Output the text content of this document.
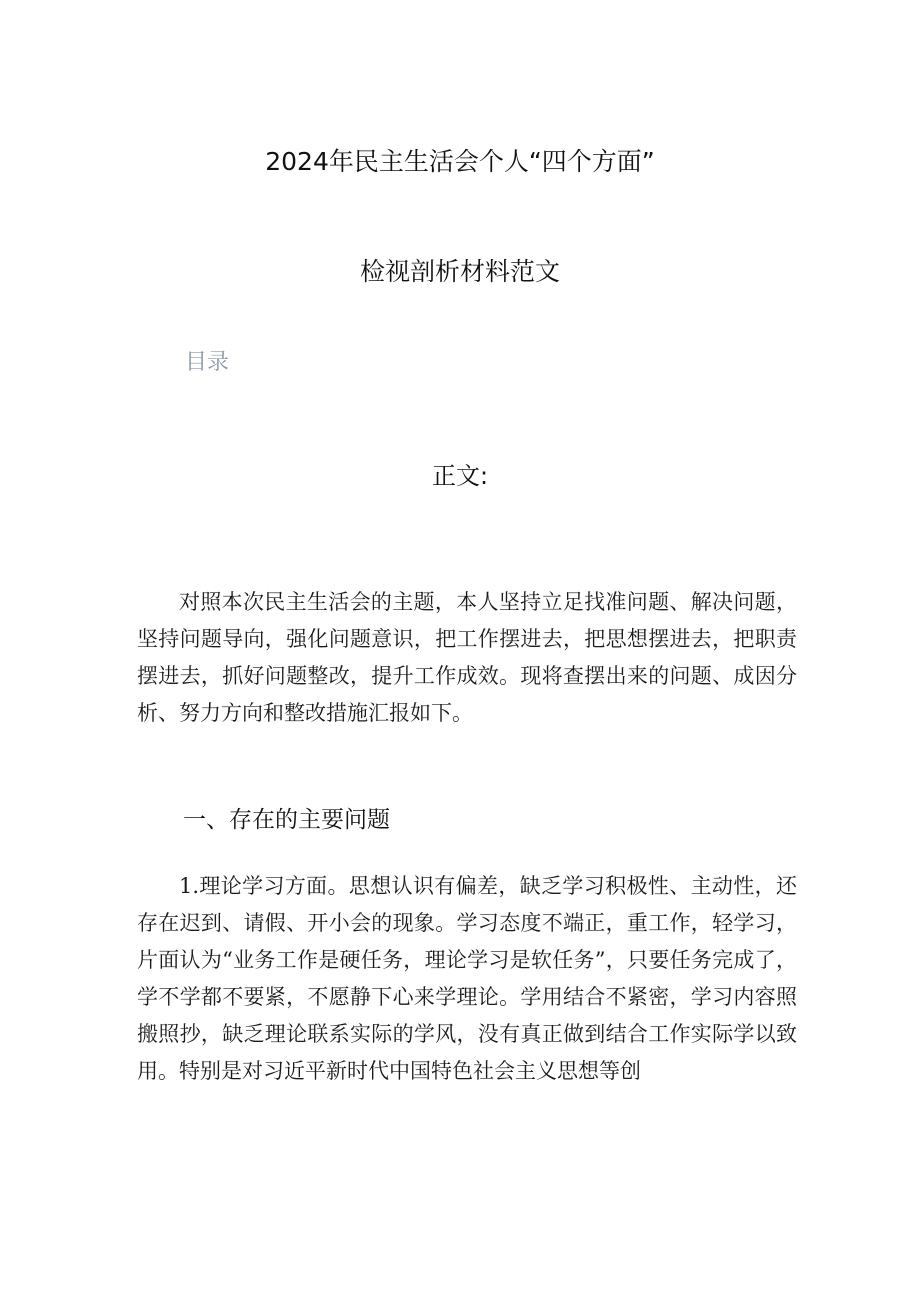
2024年民主生活会个人“四个方面”
检视剖析材料范文
目录
正文:

对照本次民主生活会的主题，本人坚持立足找准问题、解决问题，坚持问题导向，强化问题意识，把工作摆进去，把思想摆进去，把职责摆进去，抓好问题整改，提升工作成效。现将查摆出来的问题、成因分析、努力方向和整改措施汇报如下。

一、存在的主要问题

1.理论学习方面。思想认识有偏差，缺乏学习积极性、主动性，还存在迟到、请假、开小会的现象。学习态度不端正，重工作，轻学习，片面认为“业务工作是硬任务，理论学习是软任务”，只要任务完成了，学不学都不要紧，不愿静下心来学理论。学用结合不紧密，学习内容照搬照抄，缺乏理论联系实际的学风，没有真正做到结合工作实际学以致用。特别是对习近平新时代中国特色社会主义思想等创
